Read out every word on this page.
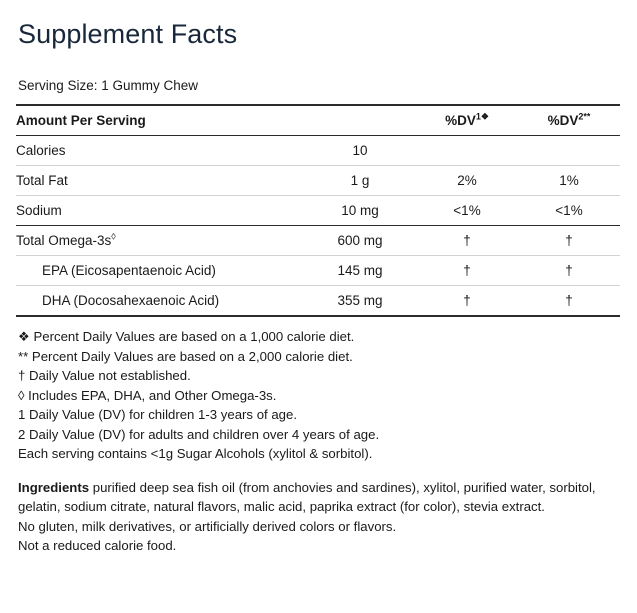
Supplement Facts
Serving Size: 1 Gummy Chew
Amount Per Serving		$\%DV^{1❖}$	$\%DV^{2**}$
Calories	10		
Total Fat	1 g	2%	1%
Sodium	10 mg	<1%	<1%
Total Omega-3s◊	600 mg	†	†
EPA (Eicosapentaenoic Acid)	145 mg	†	†
DHA (Docosahexaenoic Acid)	355 mg	†	†
❖ Percent Daily Values are based on a 1,000 calorie diet.
** Percent Daily Values are based on a 2,000 calorie diet.
† Daily Value not established.
◊ Includes EPA, DHA, and Other Omega-3s.
1 Daily Value (DV) for children 1-3 years of age.
2 Daily Value (DV) for adults and children over 4 years of age.
Each serving contains <1g Sugar Alcohols (xylitol & sorbitol).
Ingredients purified deep sea fish oil (from anchovies and sardines), xylitol, purified water, sorbitol, gelatin, sodium citrate, natural flavors, malic acid, paprika extract (for color), stevia extract.
No gluten, milk derivatives, or artificially derived colors or flavors.
Not a reduced calorie food.
